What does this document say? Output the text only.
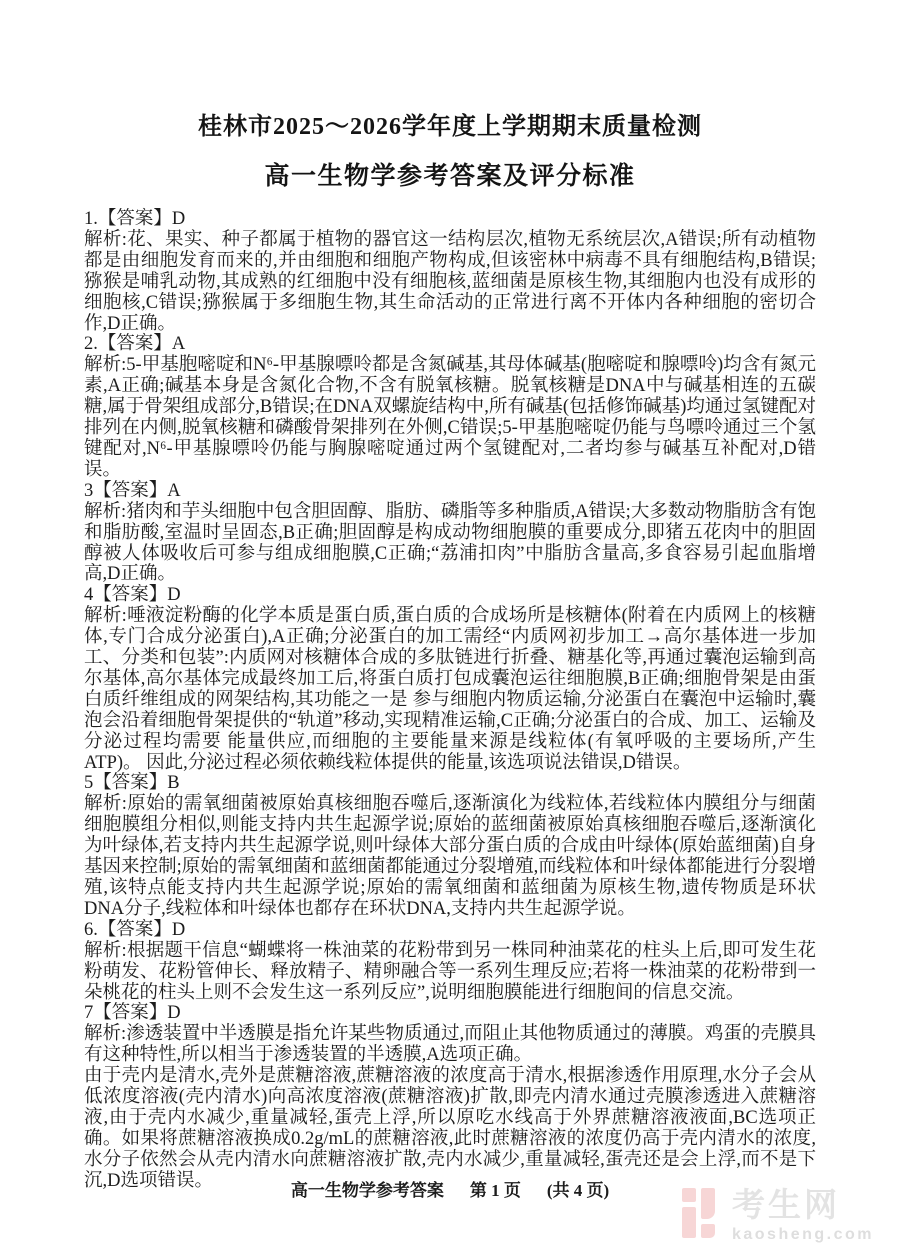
桂林市2025～2026学年度上学期期末质量检测
高一生物学参考答案及评分标准
1.【答案】D
解析:花、果实、种子都属于植物的器官这一结构层次,植物无系统层次,A错误;所有动植物都是由细胞发育而来的,并由细胞和细胞产物构成,但该密林中病毒不具有细胞结构,B错误;猕猴是哺乳动物,其成熟的红细胞中没有细胞核,蓝细菌是原核生物,其细胞内也没有成形的细胞核,C错误;猕猴属于多细胞生物,其生命活动的正常进行离不开体内各种细胞的密切合作,D正确。
2.【答案】A
解析:5-甲基胞嘧啶和N⁶-甲基腺嘌呤都是含氮碱基,其母体碱基(胞嘧啶和腺嘌呤)均含有氮元素,A正确;碱基本身是含氮化合物,不含有脱氧核糖。脱氧核糖是DNA中与碱基相连的五碳糖,属于骨架组成部分,B错误;在DNA双螺旋结构中,所有碱基(包括修饰碱基)均通过氢键配对排列在内侧,脱氧核糖和磷酸骨架排列在外侧,C错误;5-甲基胞嘧啶仍能与鸟嘌呤通过三个氢键配对,N⁶-甲基腺嘌呤仍能与胸腺嘧啶通过两个氢键配对,二者均参与碱基互补配对,D错误。
3【答案】A
解析:猪肉和芋头细胞中包含胆固醇、脂肪、磷脂等多种脂质,A错误;大多数动物脂肪含有饱和脂肪酸,室温时呈固态,B正确;胆固醇是构成动物细胞膜的重要成分,即猪五花肉中的胆固醇被人体吸收后可参与组成细胞膜,C正确;“荔浦扣肉”中脂肪含量高,多食容易引起血脂增高,D正确。
4【答案】D
解析:唾液淀粉酶的化学本质是蛋白质,蛋白质的合成场所是核糖体(附着在内质网上的核糖体,专门合成分泌蛋白),A正确;分泌蛋白的加工需经“内质网初步加工→高尔基体进一步加工、分类和包装”:内质网对核糖体合成的多肽链进行折叠、糖基化等,再通过囊泡运输到高尔基体,高尔基体完成最终加工后,将蛋白质打包成囊泡运往细胞膜,B正确;细胞骨架是由蛋白质纤维组成的网架结构,其功能之一是 参与细胞内物质运输,分泌蛋白在囊泡中运输时,囊泡会沿着细胞骨架提供的“轨道”移动,实现精准运输,C正确;分泌蛋白的合成、加工、运输及分泌过程均需要 能量供应,而细胞的主要能量来源是线粒体(有氧呼吸的主要场所,产生ATP)。 因此,分泌过程必须依赖线粒体提供的能量,该选项说法错误,D错误。
5【答案】B
解析:原始的需氧细菌被原始真核细胞吞噬后,逐渐演化为线粒体,若线粒体内膜组分与细菌细胞膜组分相似,则能支持内共生起源学说;原始的蓝细菌被原始真核细胞吞噬后,逐渐演化为叶绿体,若支持内共生起源学说,则叶绿体大部分蛋白质的合成由叶绿体(原始蓝细菌)自身基因来控制;原始的需氧细菌和蓝细菌都能通过分裂增殖,而线粒体和叶绿体都能进行分裂增殖,该特点能支持内共生起源学说;原始的需氧细菌和蓝细菌为原核生物,遗传物质是环状DNA分子,线粒体和叶绿体也都存在环状DNA,支持内共生起源学说。
6.【答案】D
解析:根据题干信息“蝴蝶将一株油菜的花粉带到另一株同种油菜花的柱头上后,即可发生花粉萌发、花粉管伸长、释放精子、精卵融合等一系列生理反应;若将一株油菜的花粉带到一朵桃花的柱头上则不会发生这一系列反应”,说明细胞膜能进行细胞间的信息交流。
7【答案】D
解析:渗透装置中半透膜是指允许某些物质通过,而阻止其他物质通过的薄膜。鸡蛋的壳膜具有这种特性,所以相当于渗透装置的半透膜,A选项正确。
由于壳内是清水,壳外是蔗糖溶液,蔗糖溶液的浓度高于清水,根据渗透作用原理,水分子会从低浓度溶液(壳内清水)向高浓度溶液(蔗糖溶液)扩散,即壳内清水通过壳膜渗透进入蔗糖溶液,由于壳内水减少,重量减轻,蛋壳上浮,所以原吃水线高于外界蔗糖溶液液面,BC选项正确。如果将蔗糖溶液换成0.2g/mL的蔗糖溶液,此时蔗糖溶液的浓度仍高于壳内清水的浓度,水分子依然会从壳内清水向蔗糖溶液扩散,壳内水减少,重量减轻,蛋壳还是会上浮,而不是下沉,D选项错误。	高一生物学参考答案 第 1 页 (共 4 页)	考生网
kaosheng.com
